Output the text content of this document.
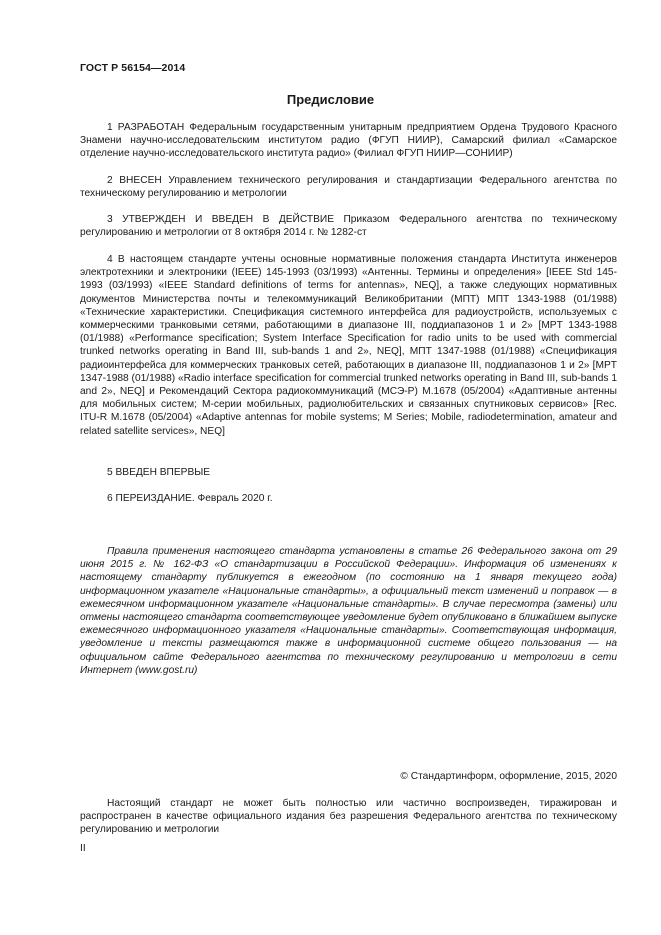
ГОСТ Р 56154—2014
Предисловие

1 РАЗРАБОТАН Федеральным государственным унитарным предприятием Ордена Трудового Красного Знамени научно-исследовательским институтом радио (ФГУП НИИР), Самарский филиал «Самарское отделение научно-исследовательского института радио» (Филиал ФГУП НИИР—СОНИИР)

2 ВНЕСЕН Управлением технического регулирования и стандартизации Федерального агентства по техническому регулированию и метрологии

3 УТВЕРЖДЕН И ВВЕДЕН В ДЕЙСТВИЕ Приказом Федерального агентства по техническому регулированию и метрологии от 8 октября 2014 г. № 1282-ст

4 В настоящем стандарте учтены основные нормативные положения стандарта Института инженеров электротехники и электроники (IEEE) 145-1993 (03/1993) «Антенны. Термины и определения» [IEEE Std 145-1993 (03/1993) «IEEE Standard definitions of terms for antennas», NEQ], а также следующих нормативных документов Министерства почты и телекоммуникаций Великобритании (МПТ) МПТ 1343-1988 (01/1988) «Технические характеристики. Спецификация системного интерфейса для радиоустройств, используемых с коммерческими транковыми сетями, работающими в диапазоне III, поддиапазонов 1 и 2» [MPT 1343-1988 (01/1988) «Performance specification; System Interface Specification for radio units to be used with commercial trunked networks operating in Band III, sub-bands 1 and 2», NEQ], МПТ 1347-1988 (01/1988) «Спецификация радиоинтерфейса для коммерческих транковых сетей, работающих в диапазоне III, поддиапазонов 1 и 2» [MPT 1347-1988 (01/1988) «Radio interface specification for commercial trunked networks operating in Band III, sub-bands 1 and 2», NEQ] и Рекомендаций Сектора радиокоммуникаций (МСЭ-Р) M.1678 (05/2004) «Адаптивные антенны для мобильных систем; М-серии мобильных, радиолюбительских и связанных спутниковых сервисов» [Rec. ITU-R M.1678 (05/2004) «Adaptive antennas for mobile systems; M Series; Mobile, radiodetermination, amateur and related satellite services», NEQ]

5 ВВЕДЕН ВПЕРВЫЕ

6 ПЕРЕИЗДАНИЕ. Февраль 2020 г.

Правила применения настоящего стандарта установлены в статье 26 Федерального закона от 29 июня 2015 г. № 162-ФЗ «О стандартизации в Российской Федерации». Информация об изменениях к настоящему стандарту публикуется в ежегодном (по состоянию на 1 января текущего года) информационном указателе «Национальные стандарты», а официальный текст изменений и поправок — в ежемесячном информационном указателе «Национальные стандарты». В случае пересмотра (замены) или отмены настоящего стандарта соответствующее уведомление будет опубликовано в ближайшем выпуске ежемесячного информационного указателя «Национальные стандарты». Соответствующая информация, уведомление и тексты размещаются также в информационной системе общего пользования — на официальном сайте Федерального агентства по техническому регулированию и метрологии в сети Интернет (www.gost.ru)

© Стандартинформ, оформление, 2015, 2020

Настоящий стандарт не может быть полностью или частично воспроизведен, тиражирован и распространен в качестве официального издания без разрешения Федерального агентства по техническому регулированию и метрологии

II
